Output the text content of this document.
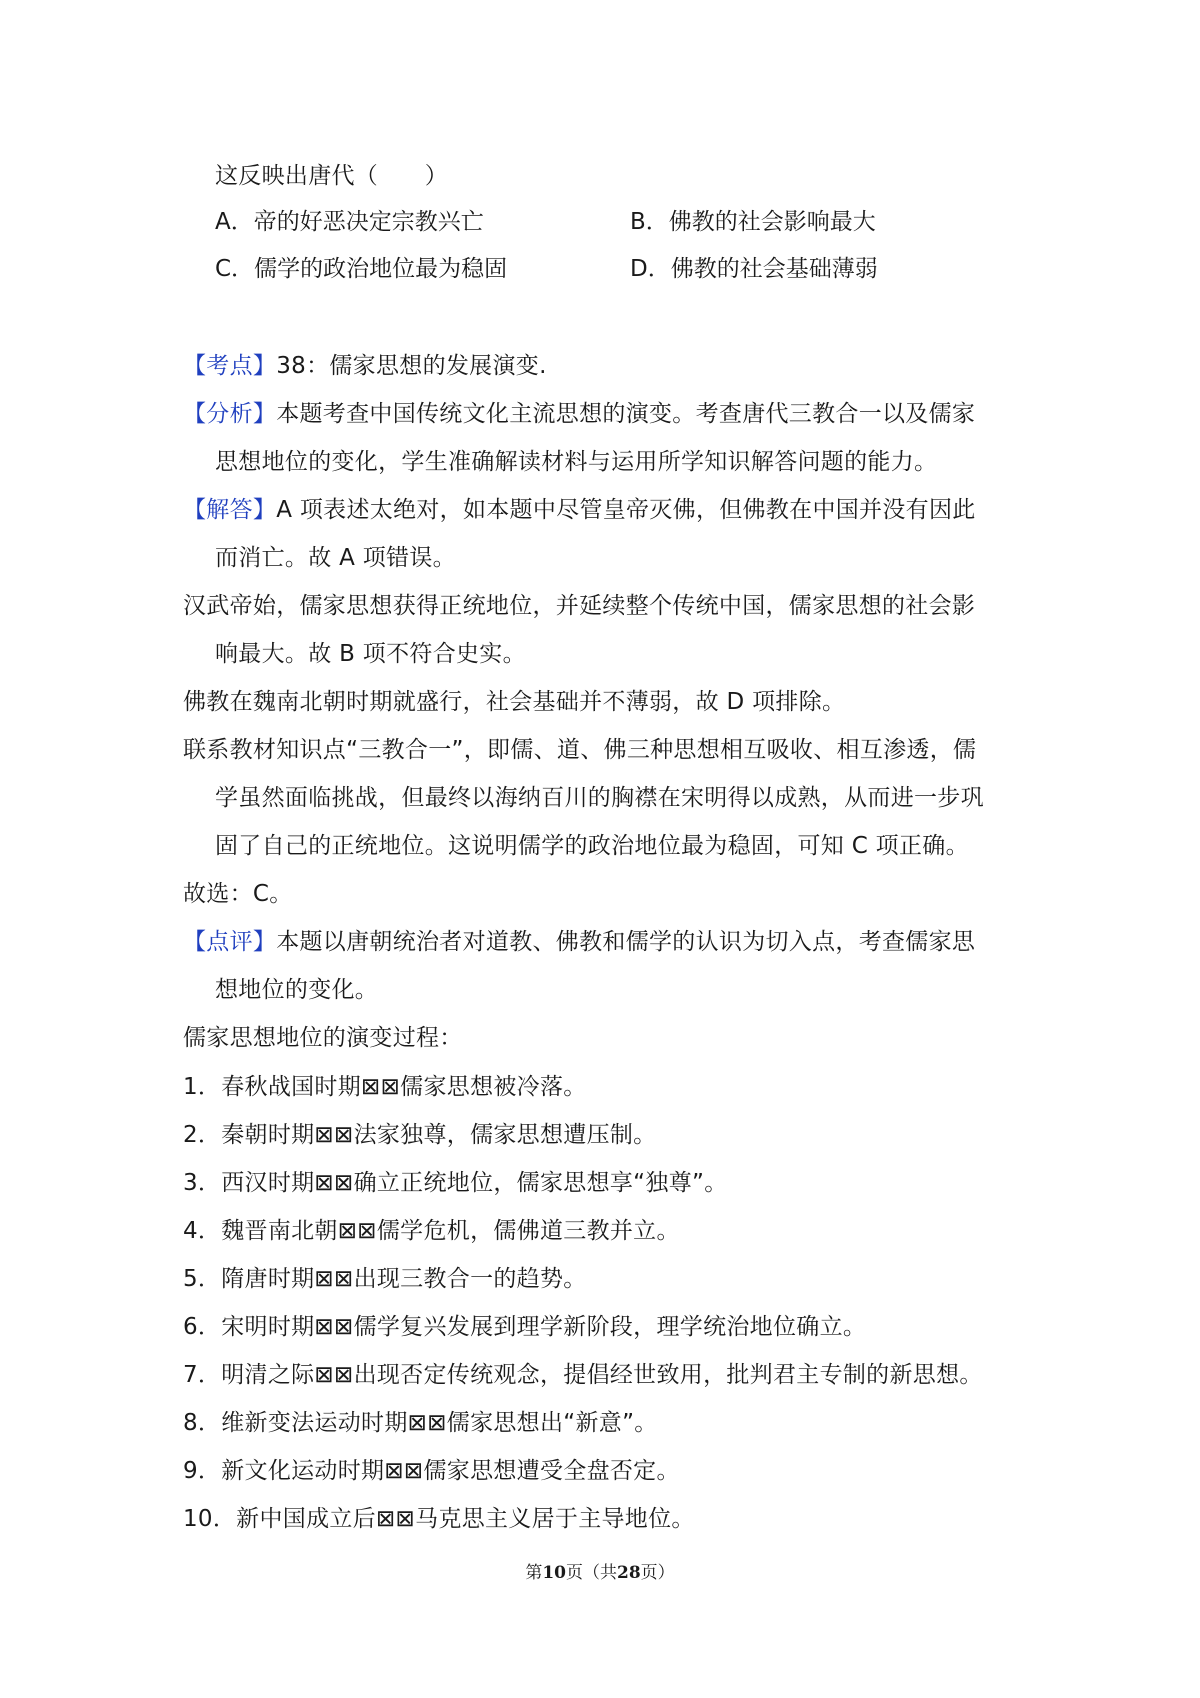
这反映出唐代（　　）
A．帝的好恶决定宗教兴亡	B．佛教的社会影响最大
C．儒学的政治地位最为稳固	D．佛教的社会基础薄弱
【考点】38：儒家思想的发展演变.
【分析】本题考查中国传统文化主流思想的演变。考查唐代三教合一以及儒家
思想地位的变化，学生准确解读材料与运用所学知识解答问题的能力。
【解答】A 项表述太绝对，如本题中尽管皇帝灭佛，但佛教在中国并没有因此
而消亡。故 A 项错误。
汉武帝始，儒家思想获得正统地位，并延续整个传统中国，儒家思想的社会影
响最大。故 B 项不符合史实。
佛教在魏南北朝时期就盛行，社会基础并不薄弱，故 D 项排除。
联系教材知识点“三教合一”，即儒、道、佛三种思想相互吸收、相互渗透，儒
学虽然面临挑战，但最终以海纳百川的胸襟在宋明得以成熟，从而进一步巩
固了自己的正统地位。这说明儒学的政治地位最为稳固，可知 C 项正确。
故选：C。
【点评】本题以唐朝统治者对道教、佛教和儒学的认识为切入点，考查儒家思
想地位的变化。
儒家思想地位的演变过程：
1．春秋战国时期⊠⊠儒家思想被冷落。
2．秦朝时期⊠⊠法家独尊，儒家思想遭压制。
3．西汉时期⊠⊠确立正统地位，儒家思想享“独尊”。
4．魏晋南北朝⊠⊠儒学危机，儒佛道三教并立。
5．隋唐时期⊠⊠出现三教合一的趋势。
6．宋明时期⊠⊠儒学复兴发展到理学新阶段，理学统治地位确立。
7．明清之际⊠⊠出现否定传统观念，提倡经世致用，批判君主专制的新思想。
8．维新变法运动时期⊠⊠儒家思想出“新意”。
9．新文化运动时期⊠⊠儒家思想遭受全盘否定。
10．新中国成立后⊠⊠马克思主义居于主导地位。
第10页（共28页）
